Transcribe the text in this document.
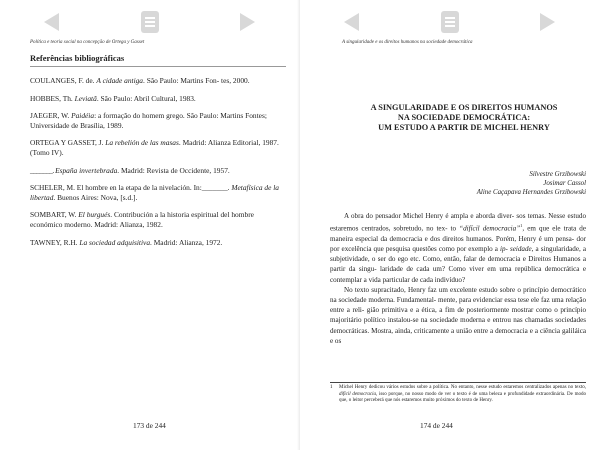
Política e teoria social na concepção de Ortega y Gasset
Referências bibliográficas

COULANGES, F. de. A cidade antiga. São Paulo: Martins Fon- tes, 2000.

HOBBES, Th. Leviatã. São Paulo: Abril Cultural, 1983.

JAEGER, W. Paidéia: a formação do homem grego. São Paulo: Martins Fontes; Universidade de Brasília, 1989.

ORTEGA Y GASSET, J. La rebelión de las masas. Madrid: Alianza Editorial, 1987. (Tomo IV).

_______. España invertebrada. Madrid: Revista de Occidente, 1957.

SCHELER, M. El hombre en la etapa de la nivelación. In:_______. Metafísica de la libertad. Buenos Aires: Nova, [s.d.].

SOMBART, W. El burgués. Contribución a la historia espiritual del hombre económico moderno. Madrid: Alianza, 1982.

TAWNEY, R.H. La sociedad adquisitiva. Madrid: Alianza, 1972.

173 de 244
A singularidade e os direitos humanos na sociedade democrática
A SINGULARIDADE E OS DIREITOS HUMANOS
NA SOCIEDADE DEMOCRÁTICA:
UM ESTUDO A PARTIR DE MICHEL HENRY
Silvestre Grzibowski
Josimar Cassol
Aline Caçapava Hernandes Grzibowski

A obra do pensador Michel Henry é ampla e aborda diver- sos temas. Nesse estudo estaremos centrados, sobretudo, no tex- to “difícil democracia”$^1$, em que ele trata de maneira especial da democracia e dos direitos humanos. Porém, Henry é um pensa- dor por excelência que pesquisa questões como por exemplo a ip- seidade, a singularidade, a subjetividade, o ser do ego etc. Como, então, falar de democracia e Direitos Humanos a partir da singu- laridade de cada um? Como viver em uma república democrática e contemplar a vida particular de cada indivíduo?

No texto supracitado, Henry faz um excelente estudo sobre o princípio democrático na sociedade moderna. Fundamental- mente, para evidenciar essa tese ele faz uma relação entre a reli- gião primitiva e a ética, a fim de posteriormente mostrar como o princípio majoritário político instalou-se na sociedade moderna e entrou nas chamadas sociedades democráticas. Mostra, ainda, criticamente a união entre a democracia e a ciência galiláica e os

1	Michel Henry dedicou vários estudos sobre a política. No entanto, nesse estudo estaremos centralizados apenas no texto, difícil democracia, isso porque, no nosso modo de ver o texto é de uma beleza e profundidade extraordinária. De modo que, o leitor perceberá que nós estaremos muito próximos do texto de Henry.
174 de 244
